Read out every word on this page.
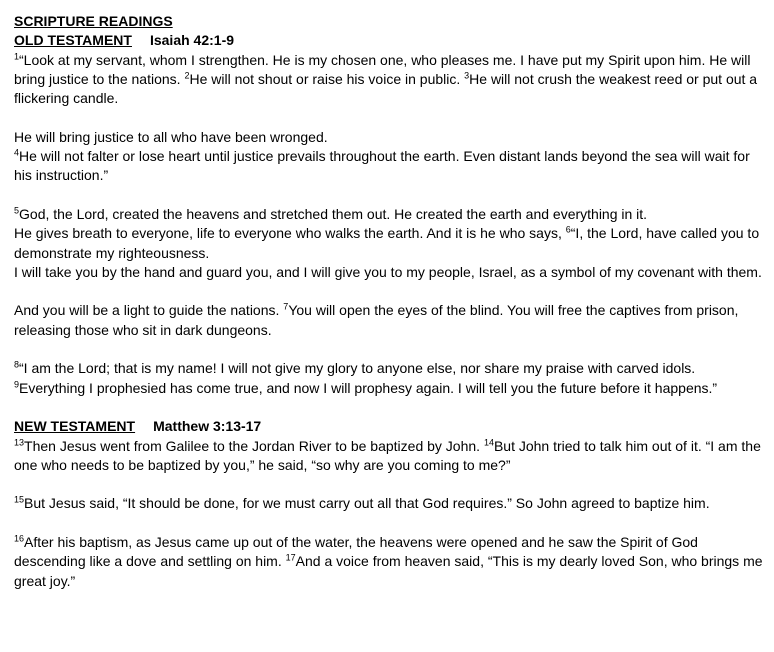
SCRIPTURE READINGS
OLD TESTAMENT Isaiah 42:1-9

$^1$“Look at my servant, whom I strengthen. He is my chosen one, who pleases me. I have put my Spirit upon him. He will bring justice to the nations. $^2$He will not shout or raise his voice in public. $^3$He will not crush the weakest reed or put out a flickering candle.

He will bring justice to all who have been wronged.
$^4$He will not falter or lose heart until justice prevails throughout the earth. Even distant lands beyond the sea will wait for his instruction.”

$^5$God, the Lord, created the heavens and stretched them out. He created the earth and everything in it.
He gives breath to everyone, life to everyone who walks the earth. And it is he who says, $^6$“I, the Lord, have called you to demonstrate my righteousness.
I will take you by the hand and guard you, and I will give you to my people, Israel, as a symbol of my covenant with them.

And you will be a light to guide the nations. $^7$You will open the eyes of the blind. You will free the captives from prison, releasing those who sit in dark dungeons.

$^8$“I am the Lord; that is my name! I will not give my glory to anyone else, nor share my praise with carved idols. $^9$Everything I prophesied has come true, and now I will prophesy again. I will tell you the future before it happens.”

NEW TESTAMENT Matthew 3:13-17

$^{13}$Then Jesus went from Galilee to the Jordan River to be baptized by John. $^{14}$But John tried to talk him out of it. “I am the one who needs to be baptized by you,” he said, “so why are you coming to me?”

$^{15}$But Jesus said, “It should be done, for we must carry out all that God requires.” So John agreed to baptize him.

$^{16}$After his baptism, as Jesus came up out of the water, the heavens were opened and he saw the Spirit of God descending like a dove and settling on him. $^{17}$And a voice from heaven said, “This is my dearly loved Son, who brings me great joy.”
